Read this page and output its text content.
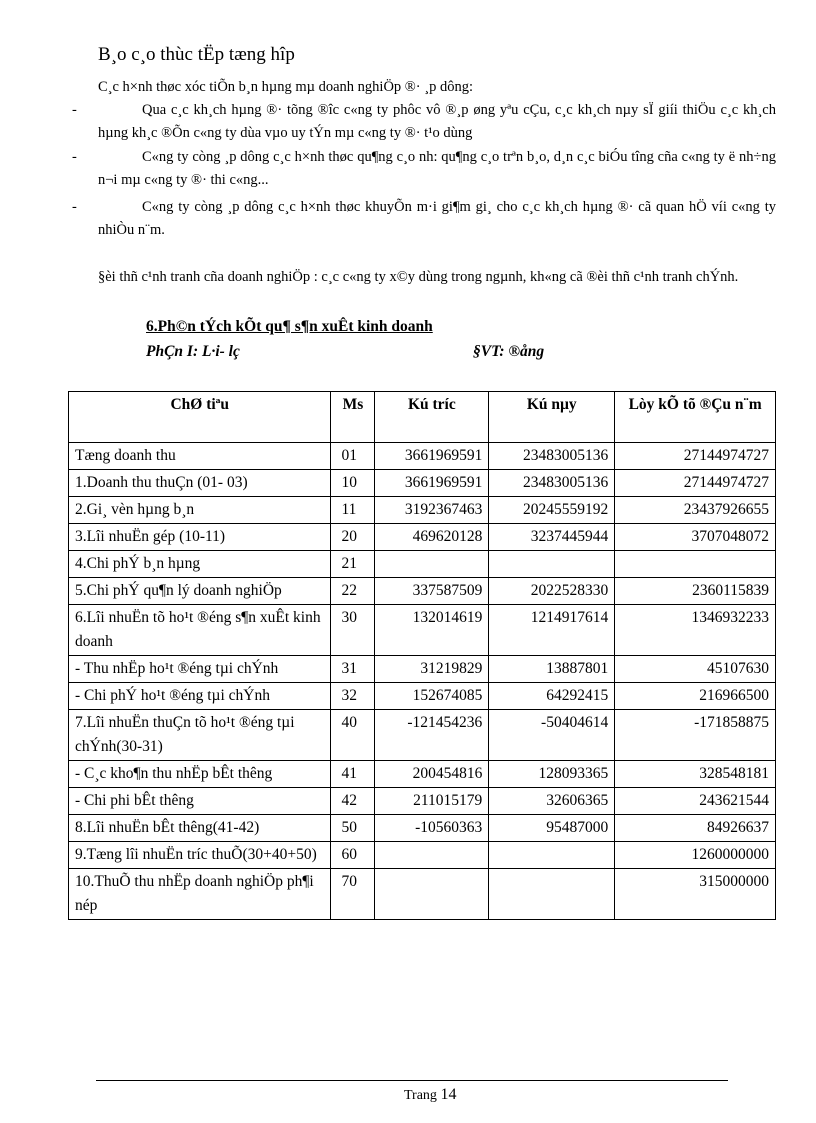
B¸o c¸o thùc tËp tæng hîp
C¸c h×nh thøc xóc tiÕn b¸n hµng mµ doanh nghiÖp ®· ¸p dông:
-	Qua c¸c kh¸ch hµng ®· tõng ®îc c«ng ty phôc vô ®¸p øng yªu cÇu, c¸c kh¸ch nµy sÏ giíi thiÖu c¸c kh¸ch hµng kh¸c ®Õn c«ng ty dùa vµo uy tÝn mµ c«ng ty ®· t¹o dùng
-	C«ng ty còng ¸p dông c¸c h×nh thøc qu¶ng c¸o nh: qu¶ng c¸o trªn b¸o, d¸n c¸c biÓu tîng cña c«ng ty ë nh÷ng n¬i mµ c«ng ty ®· thi c«ng...
-	C«ng ty còng ¸p dông c¸c h×nh thøc khuyÕn m·i gi¶m gi¸ cho c¸c kh¸ch hµng ®· cã quan hÖ víi c«ng ty nhiÒu n¨m.
§èi thñ c¹nh tranh cña doanh nghiÖp : c¸c c«ng ty x©y dùng trong ngµnh, kh«ng cã ®èi thñ c¹nh tranh chÝnh.
6.Ph©n tÝch kÕt qu¶ s¶n xuÊt kinh doanh
PhÇn I: L·i- lç	§VT: ®ång
ChØ tiªu	Ms	Kú tríc	Kú nµy	Lòy kÕ tõ ®Çu n¨m
Tæng doanh thu	01	3661969591	23483005136	27144974727
1.Doanh thu thuÇn (01- 03)	10	3661969591	23483005136	27144974727
2.Gi¸ vèn hµng b¸n	11	3192367463	20245559192	23437926655
3.Lîi nhuËn gép (10-11)	20	469620128	3237445944	3707048072
4.Chi phÝ b¸n hµng	21			
5.Chi phÝ qu¶n lý doanh nghiÖp	22	337587509	2022528330	2360115839
6.Lîi nhuËn tõ ho¹t ®éng s¶n xuÊt kinh doanh	30	132014619	1214917614	1346932233
- Thu nhËp ho¹t ®éng tµi chÝnh	31	31219829	13887801	45107630
- Chi phÝ ho¹t ®éng tµi chÝnh	32	152674085	64292415	216966500
7.Lîi nhuËn thuÇn tõ ho¹t ®éng tµi chÝnh(30-31)	40	-121454236	-50404614	-171858875
- C¸c kho¶n thu nhËp bÊt thêng	41	200454816	128093365	328548181
- Chi phi bÊt thêng	42	211015179	32606365	243621544
8.Lîi nhuËn bÊt thêng(41-42)	50	-10560363	95487000	84926637
9.Tæng lîi nhuËn tríc thuÕ(30+40+50)	60			1260000000
10.ThuÕ thu nhËp doanh nghiÖp ph¶i nép	70			315000000
Trang 14
